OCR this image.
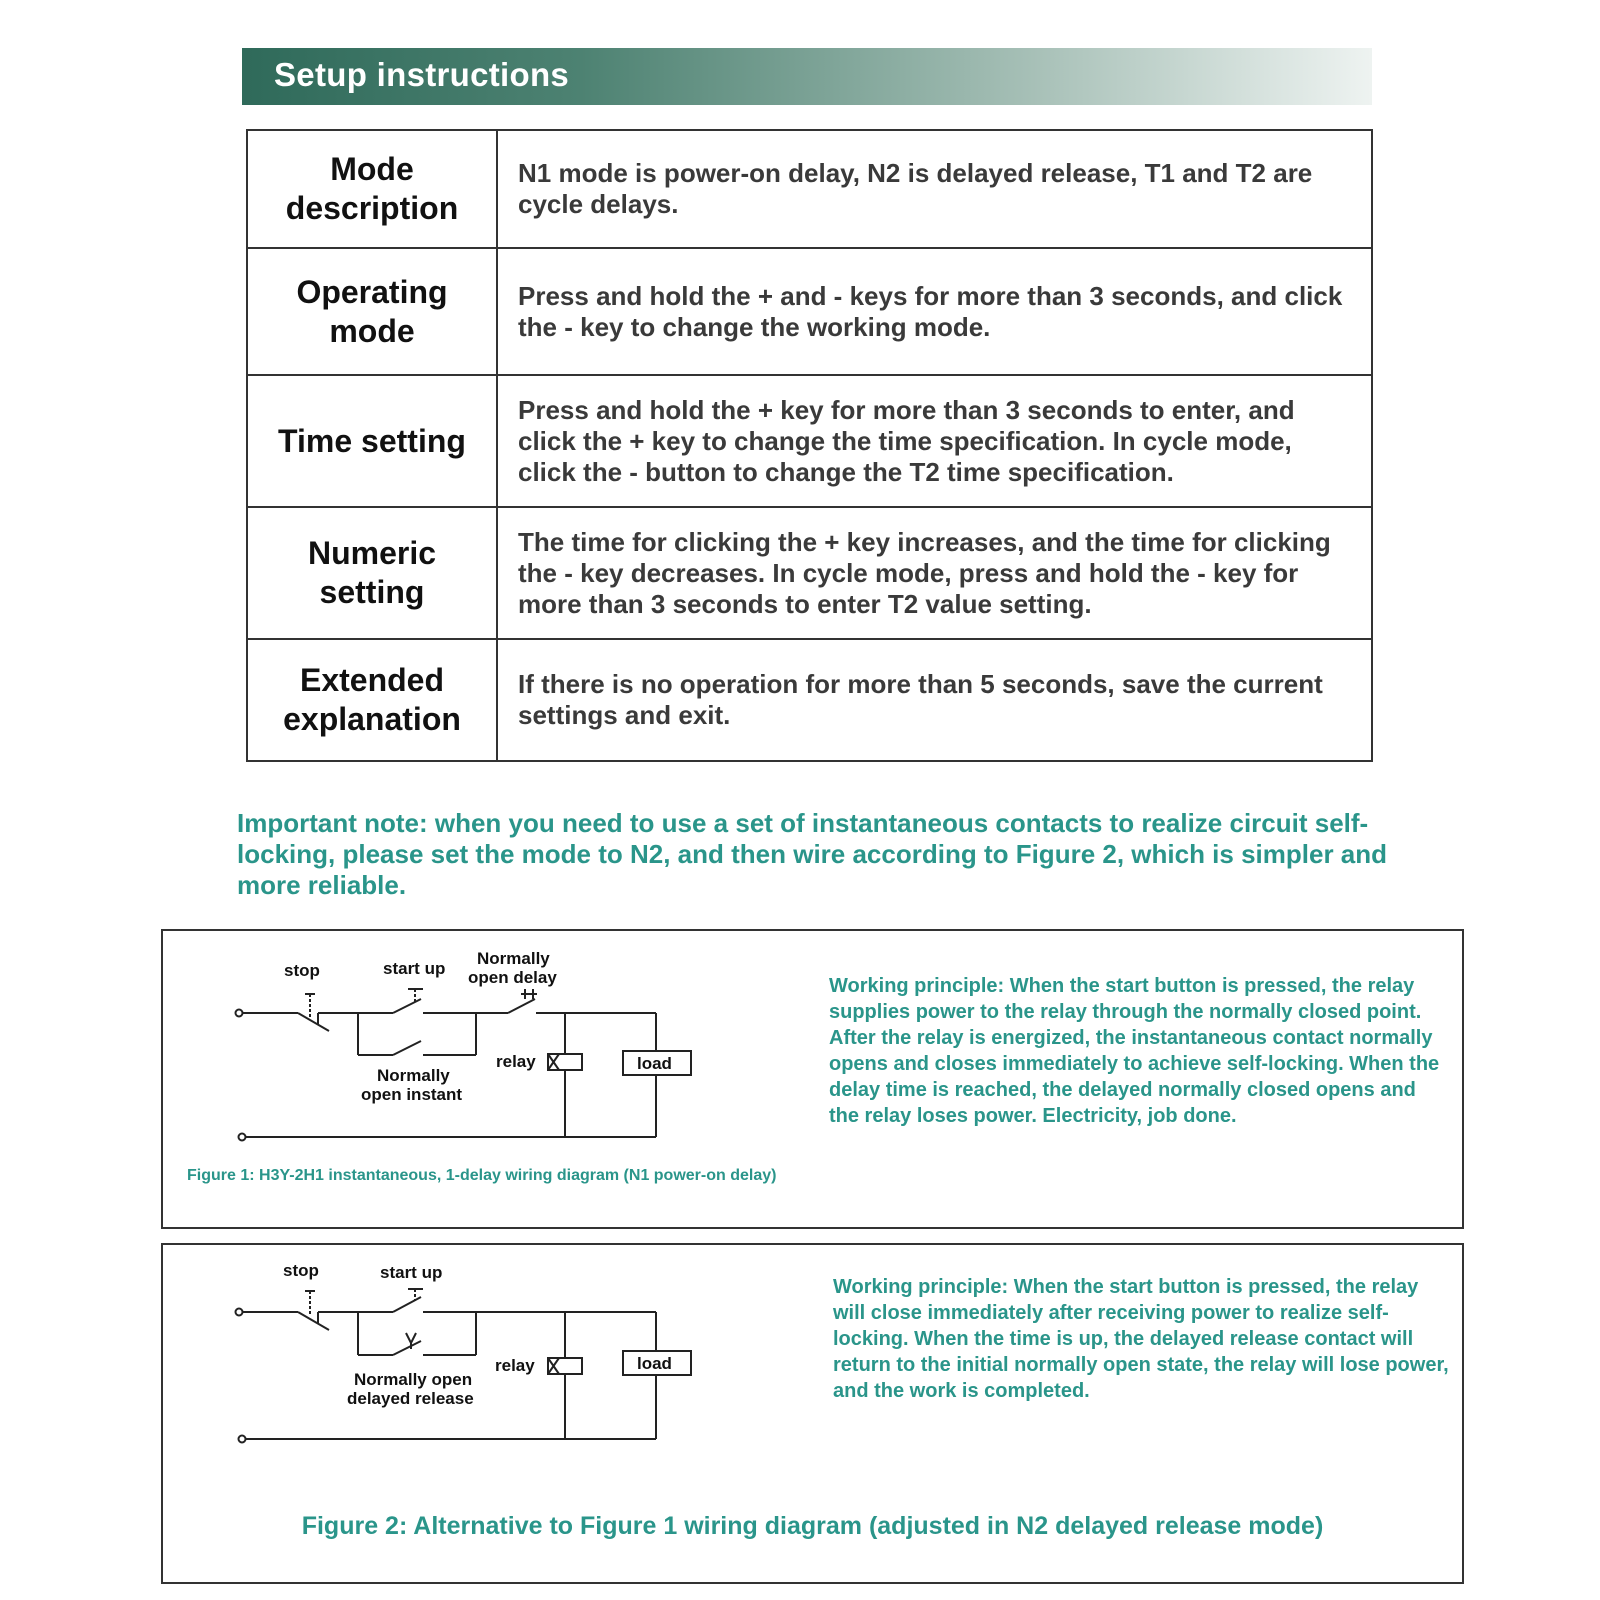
Setup instructions
Mode
description	N1 mode is power-on delay, N2 is delayed release, T1 and T2 are cycle delays.
Operating
mode	Press and hold the + and - keys for more than 3 seconds, and click the - key to change the working mode.
Time setting	Press and hold the + key for more than 3 seconds to enter, and click the + key to change the time specification. In cycle mode, click the - button to change the T2 time specification.
Numeric
setting	The time for clicking the + key increases, and the time for clicking the - key decreases. In cycle mode, press and hold the - key for more than 3 seconds to enter T2 value setting.
Extended
explanation	If there is no operation for more than 5 seconds, save the current settings and exit.
Important note: when you need to use a set of instantaneous contacts to realize circuit self-locking, please set the mode to N2, and then wire according to Figure 2, which is simpler and more reliable.
stop	start up
Normally
open delay
relay	load
Normally
open instant
Working principle: When the start button is pressed, the relay supplies power to the relay through the normally closed point. After the relay is energized, the instantaneous contact normally opens and closes immediately to achieve self-locking. When the delay time is reached, the delayed normally closed opens and the relay loses power. Electricity, job done.
Figure 1: H3Y-2H1 instantaneous, 1-delay wiring diagram (N1 power-on delay)
stop	start up
relay	load
Normally open
delayed release
Working principle: When the start button is pressed, the relay will close immediately after receiving power to realize self-locking. When the time is up, the delayed release contact will return to the initial normally open state, the relay will lose power, and the work is completed.
Figure 2: Alternative to Figure 1 wiring diagram (adjusted in N2 delayed release mode)
